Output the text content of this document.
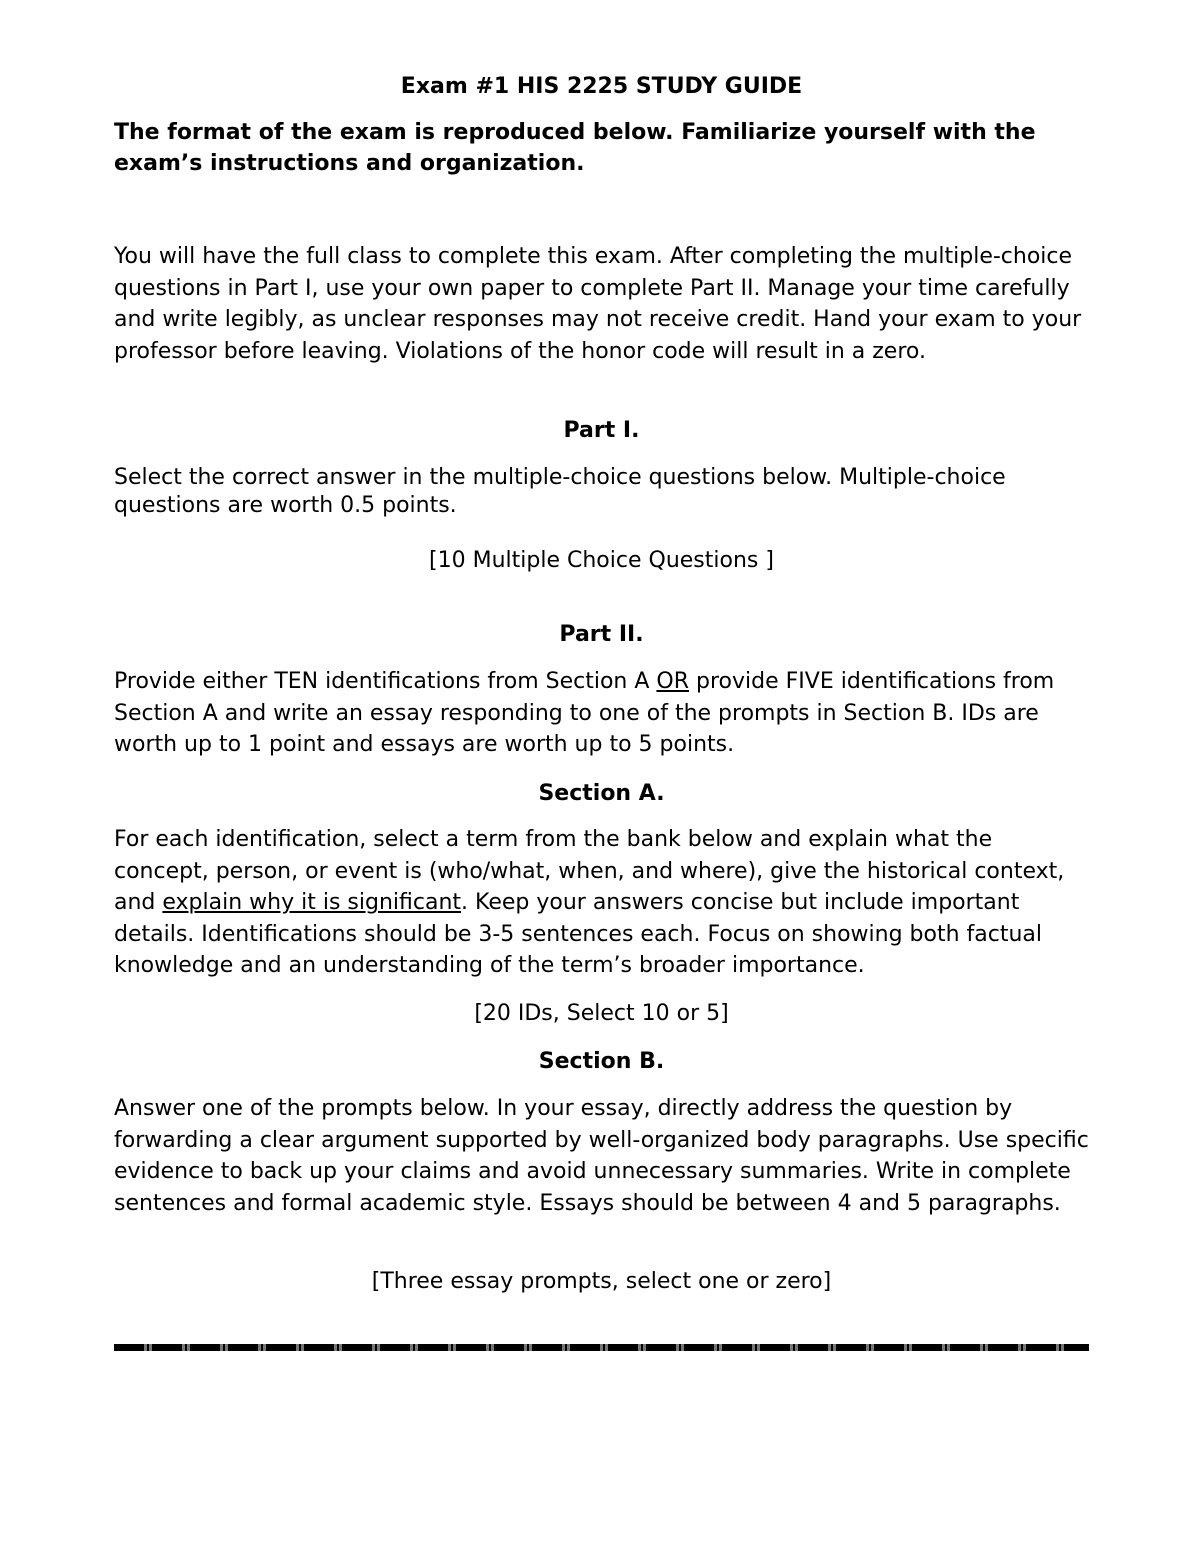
Exam #1 HIS 2225 STUDY GUIDE
The format of the exam is reproduced below. Familiarize yourself with the exam’s instructions and organization.
You will have the full class to complete this exam. After completing the multiple-choice questions in Part I, use your own paper to complete Part II. Manage your time carefully and write legibly, as unclear responses may not receive credit. Hand your exam to your professor before leaving. Violations of the honor code will result in a zero.
Part I.
Select the correct answer in the multiple-choice questions below. Multiple-choice questions are worth 0.5 points.
[10 Multiple Choice Questions ]
Part II.
Provide either TEN identifications from Section A OR provide FIVE identifications from Section A and write an essay responding to one of the prompts in Section B. IDs are worth up to 1 point and essays are worth up to 5 points.
Section A.
For each identification, select a term from the bank below and explain what the concept, person, or event is (who/what, when, and where), give the historical context, and explain why it is significant. Keep your answers concise but include important details. Identifications should be 3-5 sentences each. Focus on showing both factual knowledge and an understanding of the term’s broader importance.
[20 IDs, Select 10 or 5]
Section B.
Answer one of the prompts below. In your essay, directly address the question by forwarding a clear argument supported by well-organized body paragraphs. Use specific evidence to back up your claims and avoid unnecessary summaries. Write in complete sentences and formal academic style. Essays should be between 4 and 5 paragraphs.
[Three essay prompts, select one or zero]
